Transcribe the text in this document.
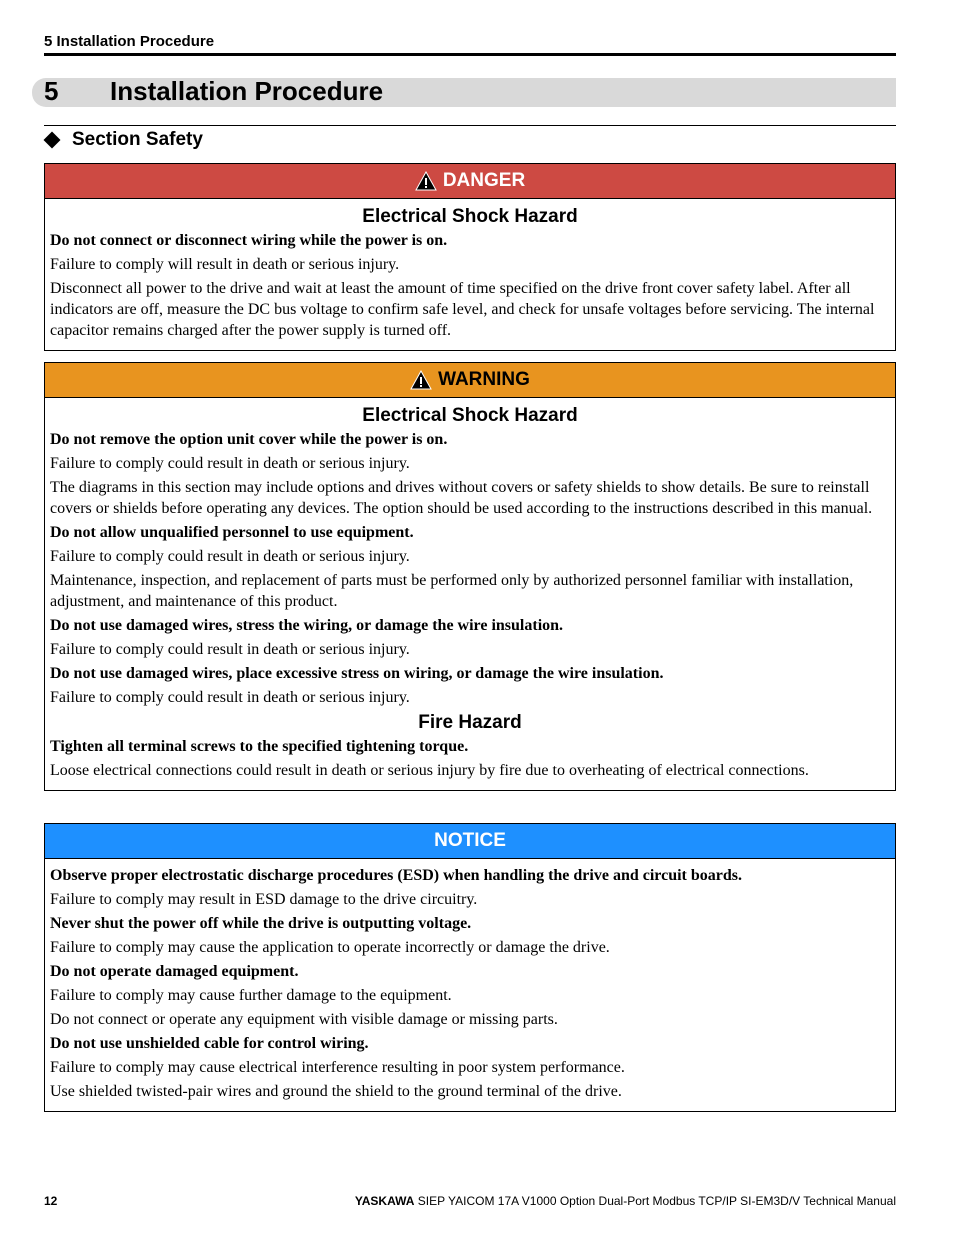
5 Installation Procedure
5 Installation Procedure
Section Safety
DANGER
Electrical Shock Hazard
Do not connect or disconnect wiring while the power is on.
Failure to comply will result in death or serious injury.
Disconnect all power to the drive and wait at least the amount of time specified on the drive front cover safety label. After all indicators are off, measure the DC bus voltage to confirm safe level, and check for unsafe voltages before servicing. The internal capacitor remains charged after the power supply is turned off.
WARNING
Electrical Shock Hazard
Do not remove the option unit cover while the power is on.
Failure to comply could result in death or serious injury.
The diagrams in this section may include options and drives without covers or safety shields to show details. Be sure to reinstall covers or shields before operating any devices. The option should be used according to the instructions described in this manual.
Do not allow unqualified personnel to use equipment.
Failure to comply could result in death or serious injury.
Maintenance, inspection, and replacement of parts must be performed only by authorized personnel familiar with installation, adjustment, and maintenance of this product.
Do not use damaged wires, stress the wiring, or damage the wire insulation.
Failure to comply could result in death or serious injury.
Do not use damaged wires, place excessive stress on wiring, or damage the wire insulation.
Failure to comply could result in death or serious injury.
Fire Hazard
Tighten all terminal screws to the specified tightening torque.
Loose electrical connections could result in death or serious injury by fire due to overheating of electrical connections.
NOTICE
Observe proper electrostatic discharge procedures (ESD) when handling the drive and circuit boards.
Failure to comply may result in ESD damage to the drive circuitry.
Never shut the power off while the drive is outputting voltage.
Failure to comply may cause the application to operate incorrectly or damage the drive.
Do not operate damaged equipment.
Failure to comply may cause further damage to the equipment.
Do not connect or operate any equipment with visible damage or missing parts.
Do not use unshielded cable for control wiring.
Failure to comply may cause electrical interference resulting in poor system performance.
Use shielded twisted-pair wires and ground the shield to the ground terminal of the drive.
12	YASKAWA SIEP YAICOM 17A V1000 Option Dual-Port Modbus TCP/IP SI-EM3D/V Technical Manual
